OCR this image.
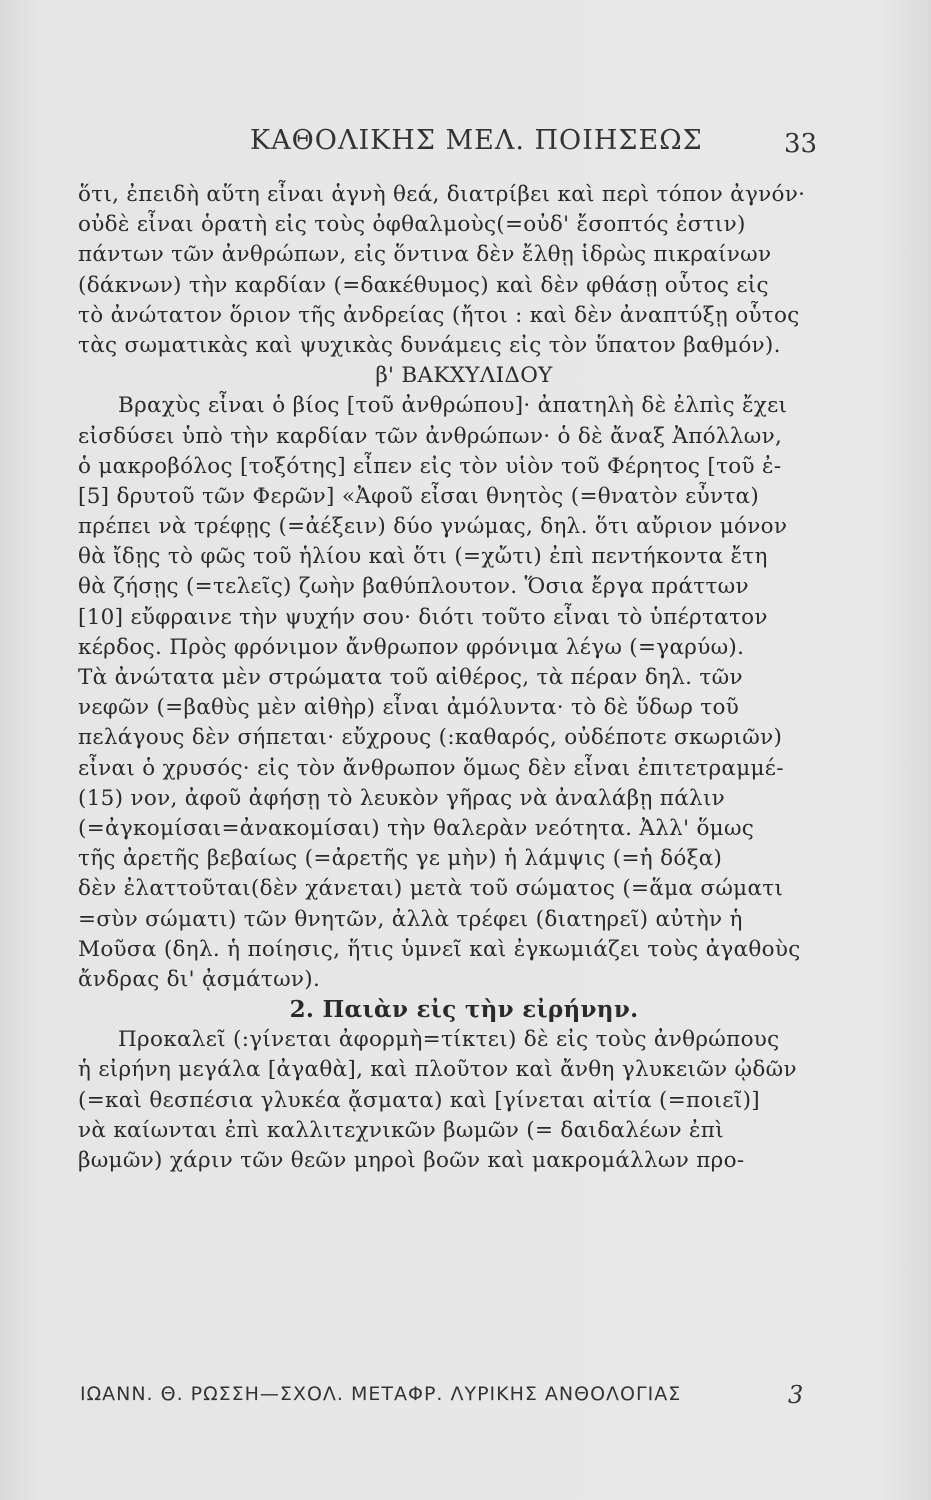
ΚΑΘΟΛΙΚΗΣ ΜΕΛ. ΠΟΙΗΣΕΩΣ	33
ὅτι, ἐπειδὴ αὕτη εἶναι ἁγνὴ θεά, διατρίβει καὶ περὶ τόπον ἀγνόν·
οὐδὲ εἶναι ὁρατὴ εἰς τοὺς ὀφθαλμοὺς(=οὐδ' ἔσοπτός ἐστιν)
πάντων τῶν ἀνθρώπων, εἰς ὅντινα δὲν ἔλθῃ ἱδρὼς πικραίνων
(δάκνων) τὴν καρδίαν (=δακέθυμος) καὶ δὲν φθάσῃ οὗτος εἰς
τὸ ἀνώτατον ὅριον τῆς ἀνδρείας (ἤτοι : καὶ δὲν ἀναπτύξῃ οὗτος
τὰς σωματικὰς καὶ ψυχικὰς δυνάμεις εἰς τὸν ὕπατον βαθμόν).
β' ΒΑΚΧΥΛΙΔΟΥ
Βραχὺς εἶναι ὁ βίος [τοῦ ἀνθρώπου]· ἀπατηλὴ δὲ ἐλπὶς ἔχει
εἰσδύσει ὑπὸ τὴν καρδίαν τῶν ἀνθρώπων· ὁ δὲ ἄναξ Ἀπόλλων,
ὁ μακροβόλος [τοξότης] εἶπεν εἰς τὸν υἱὸν τοῦ Φέρητος [τοῦ ἐ-
[5] δρυτοῦ τῶν Φερῶν] «Ἀφοῦ εἶσαι θνητὸς (=θνατὸν εὖντα)
πρέπει νὰ τρέφῃς (=ἀέξειν) δύο γνώμας, δηλ. ὅτι αὔριον μόνον
θὰ ἴδῃς τὸ φῶς τοῦ ἡλίου καὶ ὅτι (=χὤτι) ἐπὶ πεντήκοντα ἔτη
θὰ ζήσῃς (=τελεῖς) ζωὴν βαθύπλουτον. Ὅσια ἔργα πράττων
[10] εὔφραινε τὴν ψυχήν σου· διότι τοῦτο εἶναι τὸ ὑπέρτατον
κέρδος. Πρὸς φρόνιμον ἄνθρωπον φρόνιμα λέγω (=γαρύω).
Τὰ ἀνώτατα μὲν στρώματα τοῦ αἰθέρος, τὰ πέραν δηλ. τῶν
νεφῶν (=βαθὺς μὲν αἰθὴρ) εἶναι ἀμόλυντα· τὸ δὲ ὕδωρ τοῦ
πελάγους δὲν σήπεται· εὔχρους (:καθαρός, οὐδέποτε σκωριῶν)
εἶναι ὁ χρυσός· εἰς τὸν ἄνθρωπον ὅμως δὲν εἶναι ἐπιτετραμμέ-
(15) νον, ἀφοῦ ἀφήσῃ τὸ λευκὸν γῆρας νὰ ἀναλάβῃ πάλιν
(=ἀγκομίσαι=ἀνακομίσαι) τὴν θαλερὰν νεότητα. Ἀλλ' ὅμως
τῆς ἀρετῆς βεβαίως (=ἀρετῆς γε μὴν) ἡ λάμψις (=ἡ δόξα)
δὲν ἐλαττοῦται(δὲν χάνεται) μετὰ τοῦ σώματος (=ἅμα σώματι
=σὺν σώματι) τῶν θνητῶν, ἀλλὰ τρέφει (διατηρεῖ) αὐτὴν ἡ
Μοῦσα (δηλ. ἡ ποίησις, ἥτις ὑμνεῖ καὶ ἐγκωμιάζει τοὺς ἀγαθοὺς
ἄνδρας δι' ᾀσμάτων).
2. Παιὰν εἰς τὴν εἰρήνην.
Προκαλεῖ (:γίνεται ἀφορμὴ=τίκτει) δὲ εἰς τοὺς ἀνθρώπους
ἡ εἰρήνη μεγάλα [ἀγαθὰ], καὶ πλοῦτον καὶ ἄνθη γλυκειῶν ᾠδῶν
(=καὶ θεσπέσια γλυκέα ᾄσματα) καὶ [γίνεται αἰτία (=ποιεῖ)]
νὰ καίωνται ἐπὶ καλλιτεχνικῶν βωμῶν (= δαιδαλέων ἐπὶ
βωμῶν) χάριν τῶν θεῶν μηροὶ βοῶν καὶ μακρομάλλων προ-
ΙΩΑΝΝ. Θ. ΡΩΣΣΗ—ΣΧΟΛ. ΜΕΤΑΦΡ. ΛΥΡΙΚΗΣ ΑΝΘΟΛΟΓΙΑΣ	3
